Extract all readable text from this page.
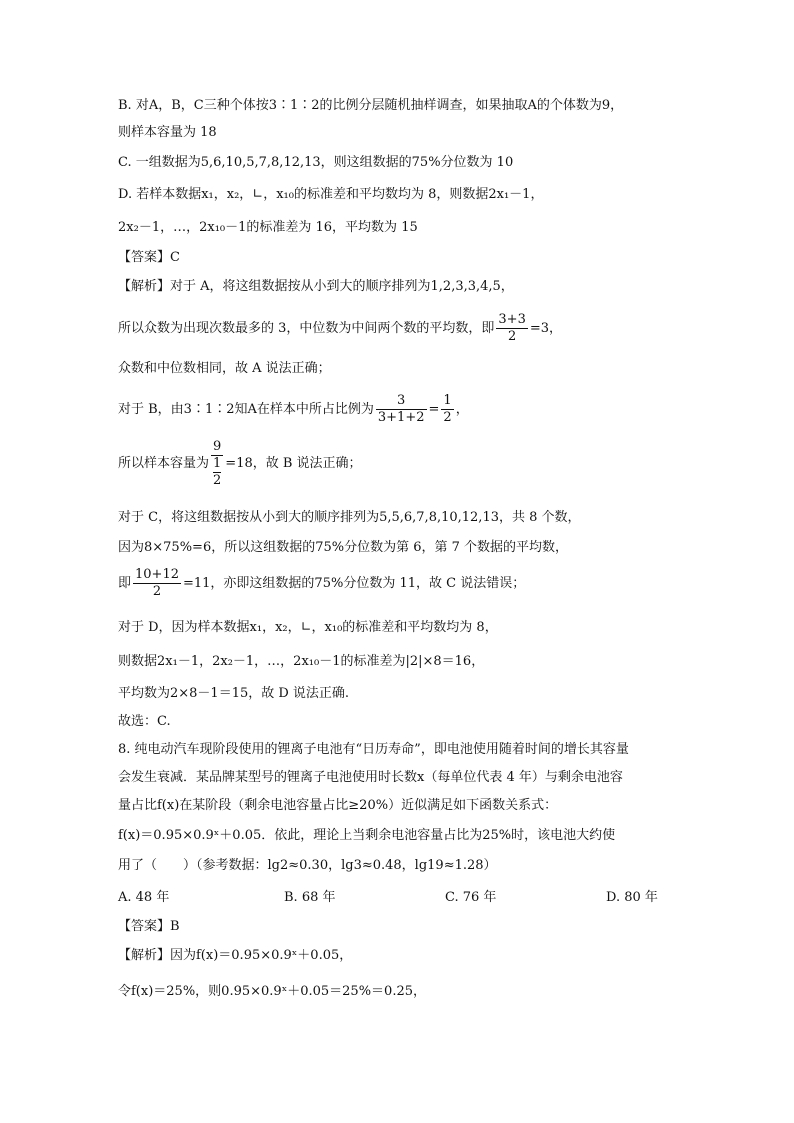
B. 对A，B，C三种个体按3∶1∶2的比例分层随机抽样调查，如果抽取A的个体数为9，
则样本容量为 18
C. 一组数据为5,6,10,5,7,8,12,13，则这组数据的75%分位数为 10
D. 若样本数据x₁，x₂，∟，x₁₀的标准差和平均数均为 8，则数据2x₁－1，
2x₂－1，…，2x₁₀－1的标准差为 16，平均数为 15
【答案】C
【解析】对于 A，将这组数据按从小到大的顺序排列为1,2,3,3,4,5，
所以众数为出现次数最多的 3，中位数为中间两个数的平均数，即 $\frac{3+3}{2} =3$，
众数和中位数相同，故 A 说法正确；
对于 B，由3∶1∶2知A在样本中所占比例为 $\frac{3}{3+1+2} = \frac{1}{2}$ ，
所以样本容量为 $\frac{9}{\frac{1}{2}} =18$，故 B 说法正确；
对于 C，将这组数据按从小到大的顺序排列为5,5,6,7,8,10,12,13，共 8 个数，
因为8×75%=6，所以这组数据的75%分位数为第 6，第 7 个数据的平均数，
即 $\frac{10+12}{2} =11$，亦即这组数据的75%分位数为 11，故 C 说法错误；
对于 D，因为样本数据x₁，x₂，∟，x₁₀的标准差和平均数均为 8，
则数据2x₁－1，2x₂－1，…，2x₁₀－1的标准差为|2|×8＝16，
平均数为2×8－1＝15，故 D 说法正确.
故选：C.
8. 纯电动汽车现阶段使用的锂离子电池有“日历寿命”，即电池使用随着时间的增长其容量
会发生衰减．某品牌某型号的锂离子电池使用时长数x（每单位代表 4 年）与剩余电池容
量占比f(x)在某阶段（剩余电池容量占比≥20%）近似满足如下函数关系式：
f(x)＝0.95×0.9ˣ＋0.05．依此，理论上当剩余电池容量占比为25%时，该电池大约使
用了（　　）（参考数据：lg2≈0.30，lg3≈0.48，lg19≈1.28）
A. 48 年	B. 68 年	C. 76 年	D. 80 年
【答案】B
【解析】因为f(x)＝0.95×0.9ˣ＋0.05，
令f(x)＝25%，则0.95×0.9ˣ＋0.05＝25%＝0.25，
